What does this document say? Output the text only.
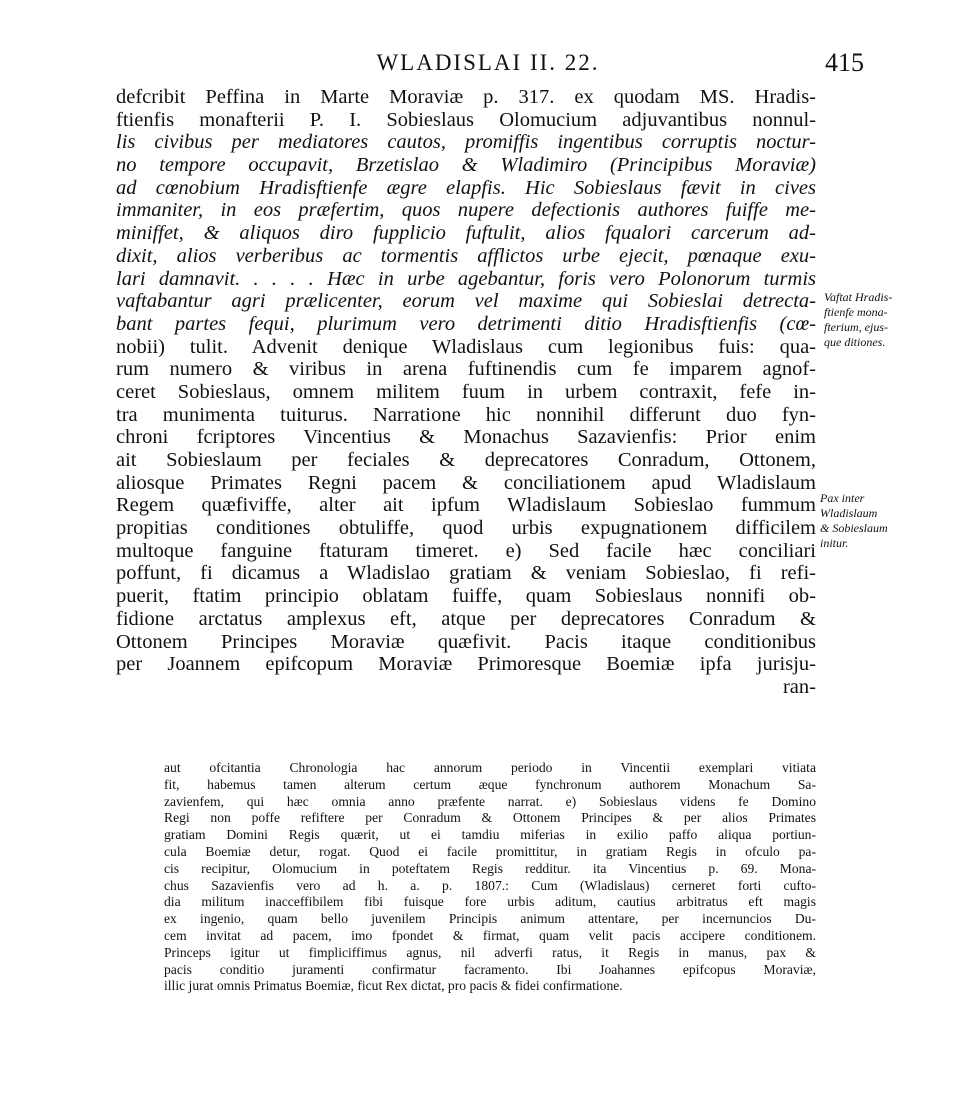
WLADISLAI II. 22.	415
defcribit Peffina in Marte Moraviæ p. 317. ex quodam MS. Hradis-
ftienfis monafterii P. I. Sobieslaus Olomucium adjuvantibus nonnul-
lis civibus per mediatores cautos, promiffis ingentibus corruptis noctur-
no tempore occupavit, Brzetislao & Wladimiro (Principibus Moraviæ)
ad cœnobium Hradisftienfe ægre elapfis. Hic Sobieslaus fævit in cives
immaniter, in eos præfertim, quos nupere defectionis authores fuiffe me-
miniffet, & aliquos diro fupplicio fuftulit, alios fqualori carcerum ad-
dixit, alios verberibus ac tormentis afflictos urbe ejecit, pœnaque exu-
lari damnavit. . . . . Hæc in urbe agebantur, foris vero Polonorum turmis
vaftabantur agri prælicenter, eorum vel maxime qui Sobieslai detrecta-
bant partes fequi, plurimum vero detrimenti ditio Hradisftienfis (cœ-
nobii) tulit. Advenit denique Wladislaus cum legionibus fuis: qua-
rum numero & viribus in arena fuftinendis cum fe imparem agnof-
ceret Sobieslaus, omnem militem fuum in urbem contraxit, fefe in-
tra munimenta tuiturus. Narratione hic nonnihil differunt duo fyn-
chroni fcriptores Vincentius & Monachus Sazavienfis: Prior enim
ait Sobieslaum per feciales & deprecatores Conradum, Ottonem,
aliosque Primates Regni pacem & conciliationem apud Wladislaum
Regem quæfiviffe, alter ait ipfum Wladislaum Sobieslao fummum
propitias conditiones obtuliffe, quod urbis expugnationem difficilem
multoque fanguine ftaturam timeret. e) Sed facile hæc conciliari
poffunt, fi dicamus a Wladislao gratiam & veniam Sobieslao, fi refi-
puerit, ftatim principio oblatam fuiffe, quam Sobieslaus nonnifi ob-
fidione arctatus amplexus eft, atque per deprecatores Conradum &
Ottonem Principes Moraviæ quæfivit. Pacis itaque conditionibus
per Joannem epifcopum Moraviæ Primoresque Boemiæ ipfa jurisju-
ran-
Vaftat Hradis-
ftienfe mona-
fterium, ejus-
que ditiones.
Pax inter
Wladislaum
& Sobieslaum
initur.
aut ofcitantia Chronologia hac annorum periodo in Vincentii exemplari vitiata
fit, habemus tamen alterum certum æque fynchronum authorem Monachum Sa-
zavienfem, qui hæc omnia anno præfente narrat. e) Sobieslaus videns fe Domino
Regi non poffe refiftere per Conradum & Ottonem Principes & per alios Primates
gratiam Domini Regis quærit, ut ei tamdiu miferias in exilio paffo aliqua portiun-
cula Boemiæ detur, rogat. Quod ei facile promittitur, in gratiam Regis in ofculo pa-
cis recipitur, Olomucium in poteftatem Regis redditur. ita Vincentius p. 69. Mona-
chus Sazavienfis vero ad h. a. p. 1807.: Cum (Wladislaus) cerneret forti cufto-
dia militum inacceffibilem fibi fuisque fore urbis aditum, cautius arbitratus eft magis
ex ingenio, quam bello juvenilem Principis animum attentare, per incernuncios Du-
cem invitat ad pacem, imo fpondet & firmat, quam velit pacis accipere conditionem.
Princeps igitur ut fimpliciffimus agnus, nil adverfi ratus, it Regis in manus, pax &
pacis conditio juramenti confirmatur facramento. Ibi Joahannes epifcopus Moraviæ,
illic jurat omnis Primatus Boemiæ, ficut Rex dictat, pro pacis & fidei confirmatione.
